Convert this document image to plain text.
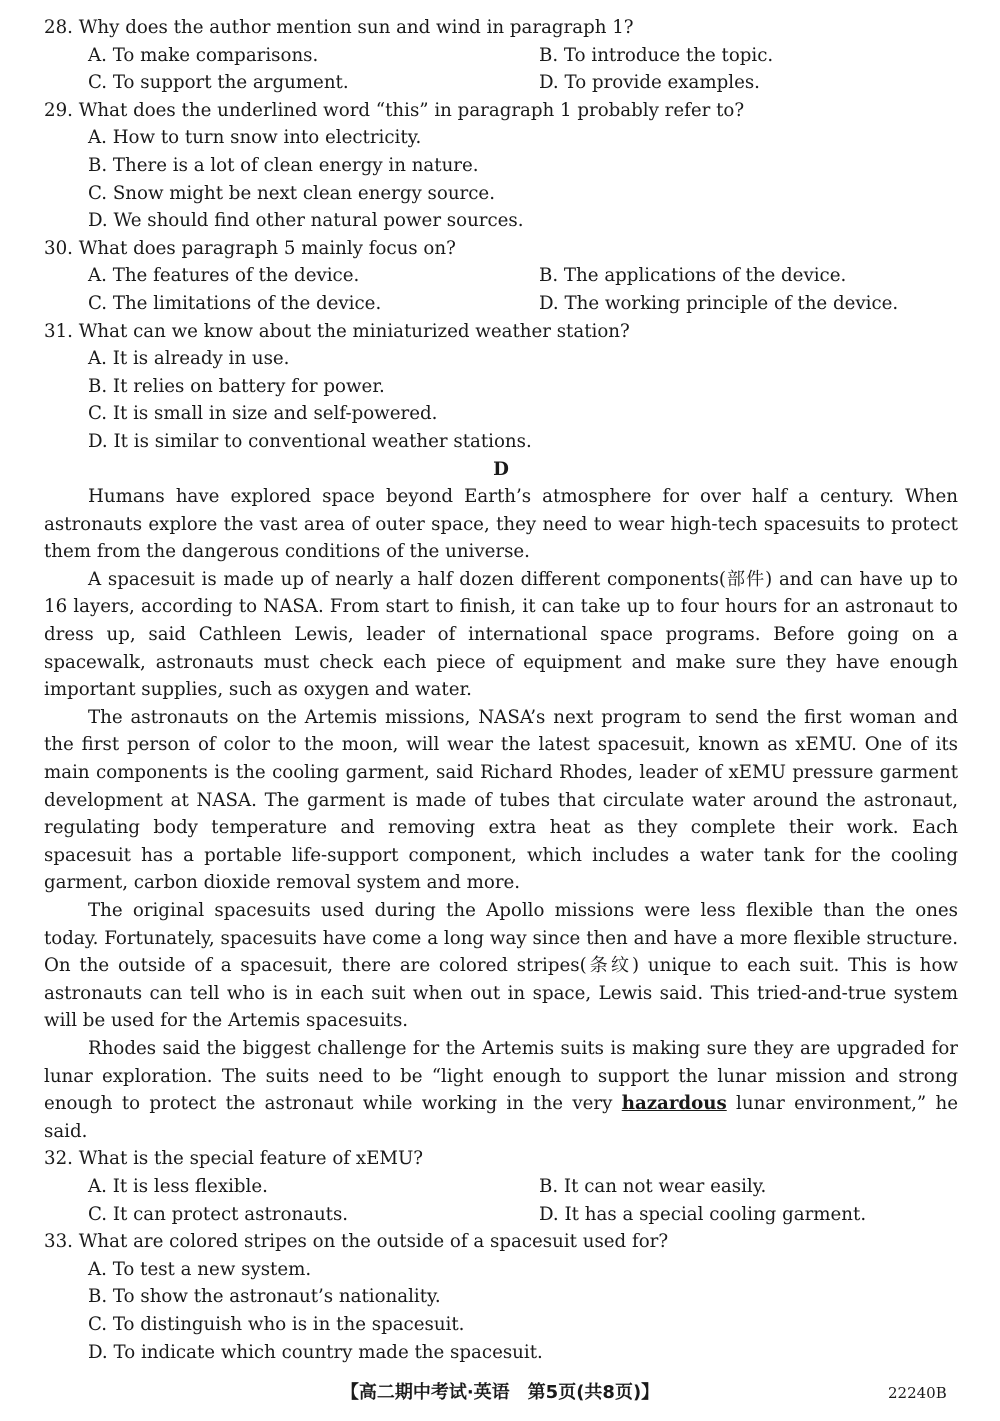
28. Why does the author mention sun and wind in paragraph 1?
A. To make comparisons.	B. To introduce the topic.
C. To support the argument.	D. To provide examples.
29. What does the underlined word “this” in paragraph 1 probably refer to?
A. How to turn snow into electricity.
B. There is a lot of clean energy in nature.
C. Snow might be next clean energy source.
D. We should find other natural power sources.
30. What does paragraph 5 mainly focus on?
A. The features of the device.	B. The applications of the device.
C. The limitations of the device.	D. The working principle of the device.
31. What can we know about the miniaturized weather station?
A. It is already in use.
B. It relies on battery for power.
C. It is small in size and self-powered.
D. It is similar to conventional weather stations.
D

Humans have explored space beyond Earth’s atmosphere for over half a century. When astronauts explore the vast area of outer space, they need to wear high-tech spacesuits to protect them from the dangerous conditions of the universe.

A spacesuit is made up of nearly a half dozen different components(部件) and can have up to 16 layers, according to NASA. From start to finish, it can take up to four hours for an astronaut to dress up, said Cathleen Lewis, leader of international space programs. Before going on a spacewalk, astronauts must check each piece of equipment and make sure they have enough important supplies, such as oxygen and water.

The astronauts on the Artemis missions, NASA’s next program to send the first woman and the first person of color to the moon, will wear the latest spacesuit, known as xEMU. One of its main components is the cooling garment, said Richard Rhodes, leader of xEMU pressure garment development at NASA. The garment is made of tubes that circulate water around the astronaut, regulating body temperature and removing extra heat as they complete their work. Each spacesuit has a portable life-support component, which includes a water tank for the cooling garment, carbon dioxide removal system and more.

The original spacesuits used during the Apollo missions were less flexible than the ones today. Fortunately, spacesuits have come a long way since then and have a more flexible structure. On the outside of a spacesuit, there are colored stripes(条纹) unique to each suit. This is how astronauts can tell who is in each suit when out in space, Lewis said. This tried-and-true system will be used for the Artemis spacesuits.

Rhodes said the biggest challenge for the Artemis suits is making sure they are upgraded for lunar exploration. The suits need to be “light enough to support the lunar mission and strong enough to protect the astronaut while working in the very hazardous lunar environment,” he said.

32. What is the special feature of xEMU?
A. It is less flexible.	B. It can not wear easily.
C. It can protect astronauts.	D. It has a special cooling garment.
33. What are colored stripes on the outside of a spacesuit used for?
A. To test a new system.
B. To show the astronaut’s nationality.
C. To distinguish who is in the spacesuit.
D. To indicate which country made the spacesuit.
【高二期中考试·英语　第5页(共8页)】	22240B
